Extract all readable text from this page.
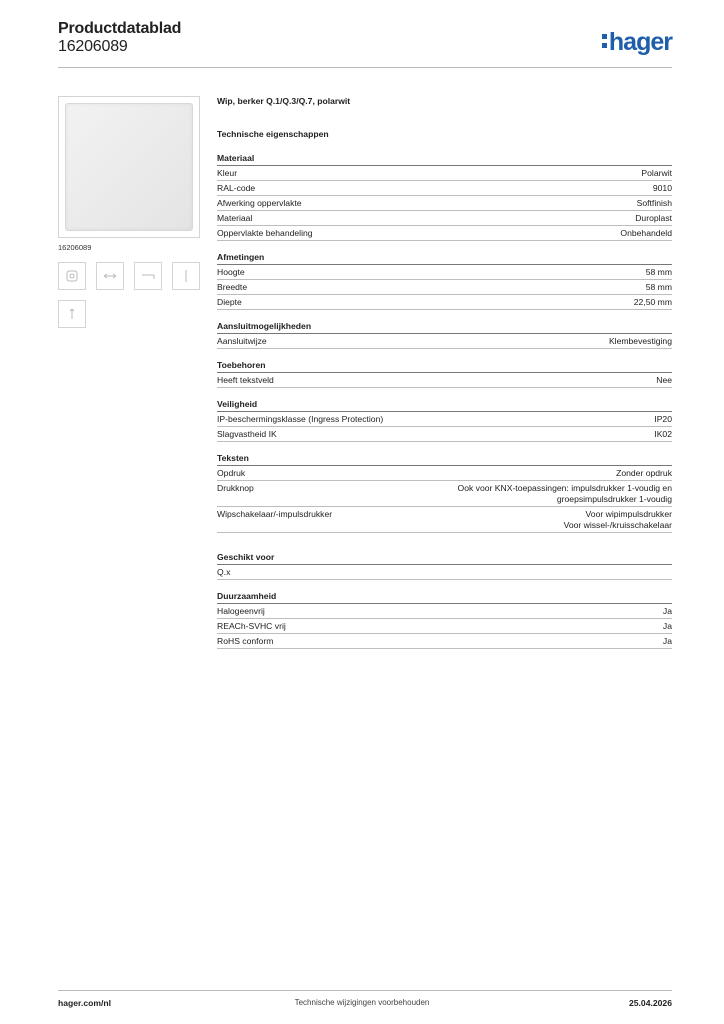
Productdatablad
16206089	hager
16206089
Wip, berker Q.1/Q.3/Q.7, polarwit
Technische eigenschappen
Materiaal
Kleur	Polarwit
RAL-code	9010
Afwerking oppervlakte	Softfinish
Materiaal	Duroplast
Oppervlakte behandeling	Onbehandeld
Afmetingen
Hoogte	58 mm
Breedte	58 mm
Diepte	22,50 mm
Aansluitmogelijkheden
Aansluitwijze	Klembevestiging
Toebehoren
Heeft tekstveld	Nee
Veiligheid
IP-beschermingsklasse (Ingress Protection)	IP20
Slagvastheid IK	IK02
Teksten
Opdruk	Zonder opdruk
Drukknop	Ook voor KNX-toepassingen: impulsdrukker 1-voudig en
groepsimpulsdrukker 1-voudig
Wipschakelaar/-impulsdrukker	Voor wipimpulsdrukker
Voor wissel-/kruisschakelaar
Geschikt voor
Q.x
Duurzaamheid
Halogeenvrij	Ja
REACh-SVHC vrij	Ja
RoHS conform	Ja
hager.com/nl	Technische wijzigingen voorbehouden	25.04.2026
